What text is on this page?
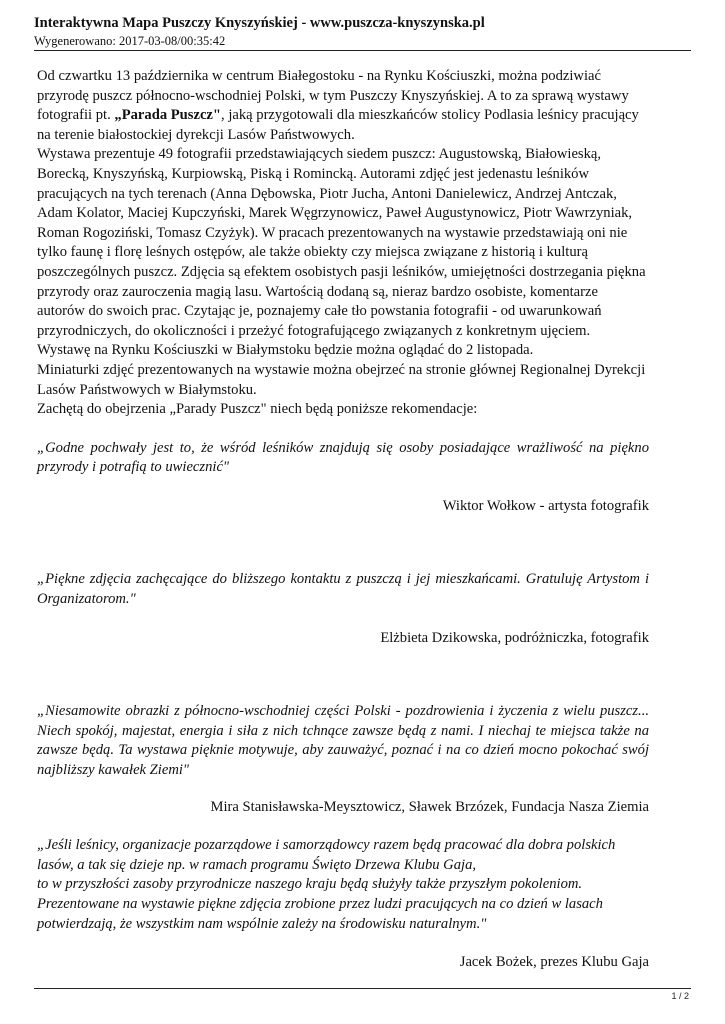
Interaktywna Mapa Puszczy Knyszyńskiej - www.puszcza-knyszynska.pl
Wygenerowano: 2017-03-08/00:35:42

Od czwartku 13 października w centrum Białegostoku - na Rynku Kościuszki, można podziwiać przyrodę puszcz północno-wschodniej Polski, w tym Puszczy Knyszyńskiej. A to za sprawą wystawy fotografii pt. „Parada Puszcz", jaką przygotowali dla mieszkańców stolicy Podlasia leśnicy pracujący na terenie białostockiej dyrekcji Lasów Państwowych.

Wystawa prezentuje 49 fotografii przedstawiających siedem puszcz: Augustowską, Białowieską, Borecką, Knyszyńską, Kurpiowską, Piską i Romincką. Autorami zdjęć jest jedenastu leśników pracujących na tych terenach (Anna Dębowska, Piotr Jucha, Antoni Danielewicz, Andrzej Antczak, Adam Kolator, Maciej Kupczyński, Marek Węgrzynowicz, Paweł Augustynowicz, Piotr Wawrzyniak, Roman Rogoziński, Tomasz Czyżyk). W pracach prezentowanych na wystawie przedstawiają oni nie tylko faunę i florę leśnych ostępów, ale także obiekty czy miejsca związane z historią i kulturą poszczególnych puszcz. Zdjęcia są efektem osobistych pasji leśników, umiejętności dostrzegania piękna przyrody oraz zauroczenia magią lasu. Wartością dodaną są, nieraz bardzo osobiste, komentarze autorów do swoich prac. Czytając je, poznajemy całe tło powstania fotografii - od uwarunkowań przyrodniczych, do okoliczności i przeżyć fotografującego związanych z konkretnym ujęciem.

Wystawę na Rynku Kościuszki w Białymstoku będzie można oglądać do 2 listopada.

Miniaturki zdjęć prezentowanych na wystawie można obejrzeć na stronie głównej Regionalnej Dyrekcji Lasów Państwowych w Białymstoku.

Zachętą do obejrzenia „Parady Puszcz" niech będą poniższe rekomendacje:

„Godne pochwały jest to, że wśród leśników znajdują się osoby posiadające wrażliwość na piękno przyrody i potrafią to uwiecznić"

Wiktor Wołkow - artysta fotografik

„Piękne zdjęcia zachęcające do bliższego kontaktu z puszczą i jej mieszkańcami. Gratuluję Artystom i Organizatorom."

Elżbieta Dzikowska, podróżniczka, fotografik

„Niesamowite obrazki z północno-wschodniej części Polski - pozdrowienia i życzenia z wielu puszcz... Niech spokój, majestat, energia i siła z nich tchnące zawsze będą z nami. I niechaj te miejsca także na zawsze będą. Ta wystawa pięknie motywuje, aby zauważyć, poznać i na co dzień mocno pokochać swój najbliższy kawałek Ziemi"

Mira Stanisławska-Meysztowicz, Sławek Brzózek, Fundacja Nasza Ziemia

„Jeśli leśnicy, organizacje pozarządowe i samorządowcy razem będą pracować dla dobra polskich lasów, a tak się dzieje np. w ramach programu Święto Drzewa Klubu Gaja,
to w przyszłości zasoby przyrodnicze naszego kraju będą służyły także przyszłym pokoleniom. Prezentowane na wystawie piękne zdjęcia zrobione przez ludzi pracujących na co dzień w lasach potwierdzają, że wszystkim nam wspólnie zależy na środowisku naturalnym."

Jacek Bożek, prezes Klubu Gaja

1 / 2
